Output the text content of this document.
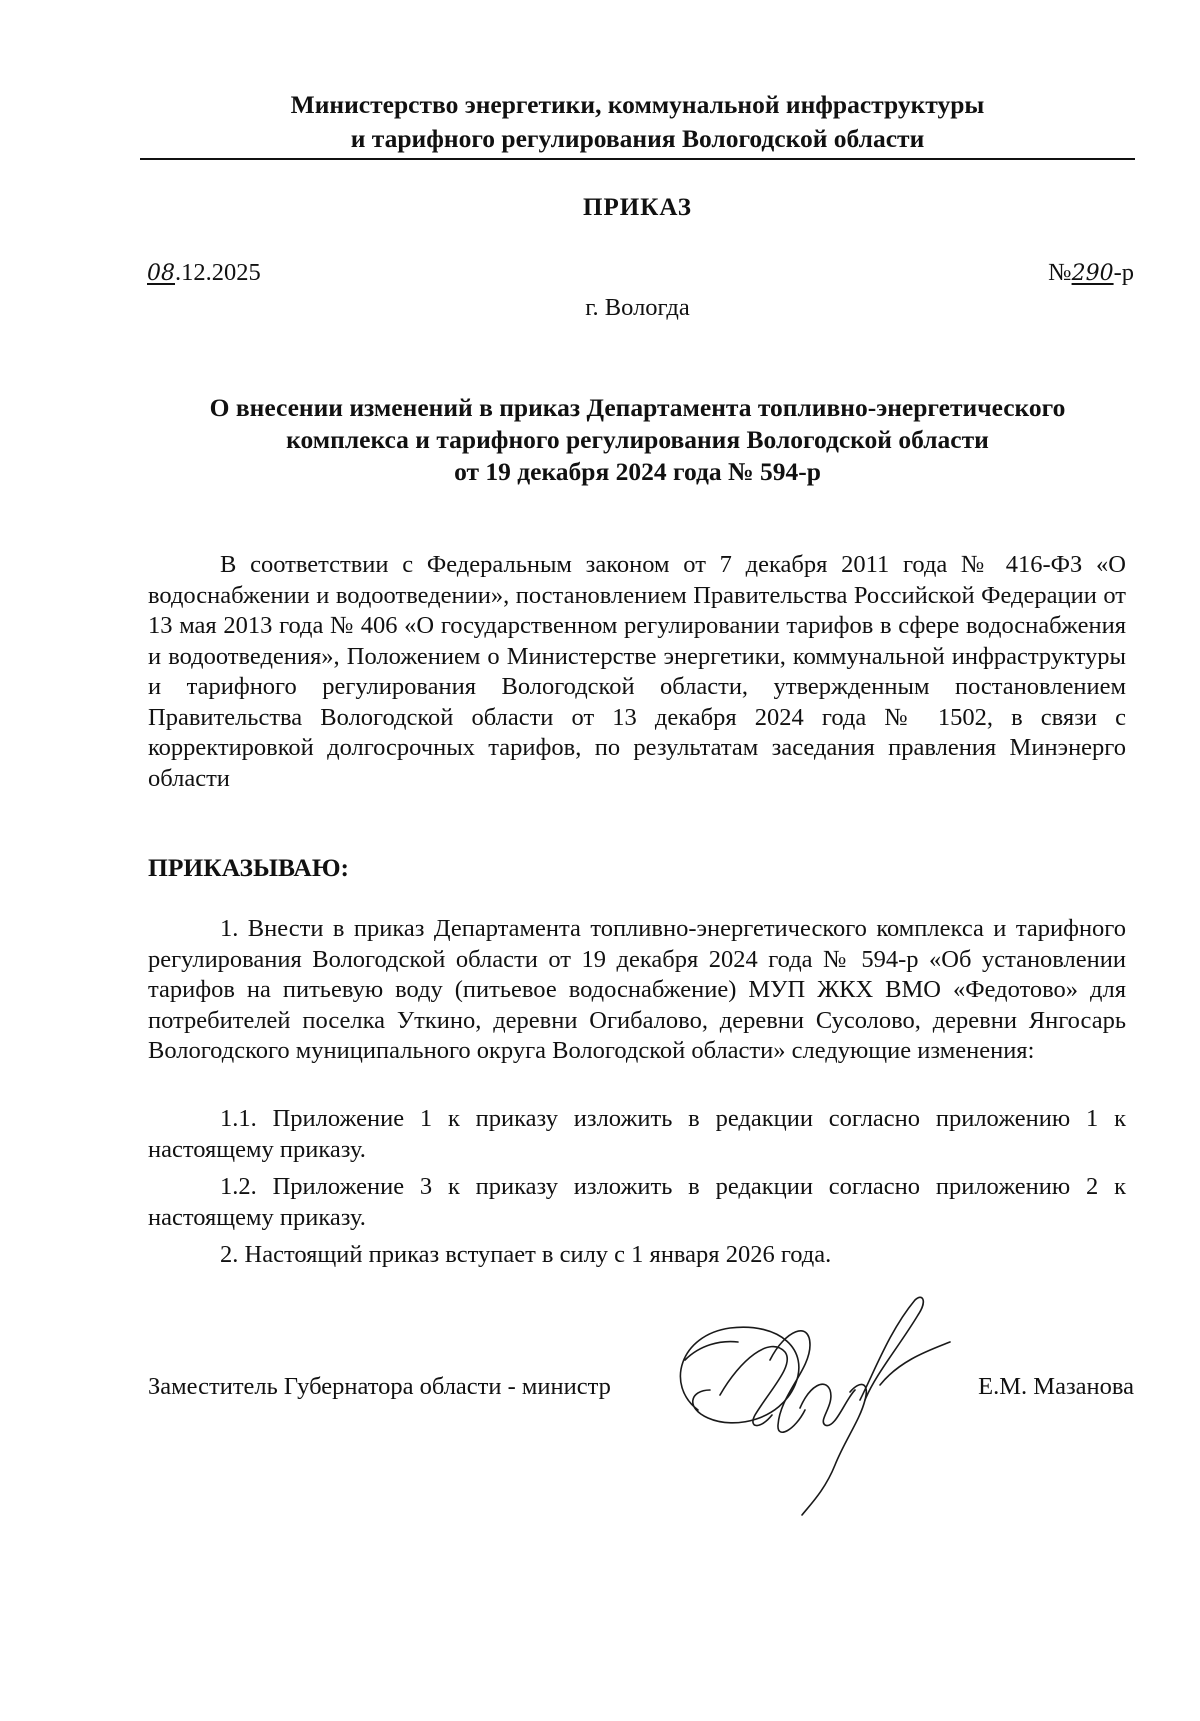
Министерство энергетики, коммунальной инфраструктуры
и тарифного регулирования Вологодской области
ПРИКАЗ
08.12.2025	№290-р
г. Вологда
О внесении изменений в приказ Департамента топливно-энергетического
комплекса и тарифного регулирования Вологодской области
от 19 декабря 2024 года № 594-р
В соответствии с Федеральным законом от 7 декабря 2011 года № 416-ФЗ «О водоснабжении и водоотведении», постановлением Правительства Российской Федерации от 13 мая 2013 года № 406 «О государственном регулировании тарифов в сфере водоснабжения и водоотведения», Положением о Министерстве энергетики, коммунальной инфраструктуры и тарифного регулирования Вологодской области, утвержденным постановлением Правительства Вологодской области от 13 декабря 2024 года № 1502, в связи с корректировкой долгосрочных тарифов, по результатам заседания правления Минэнерго области
ПРИКАЗЫВАЮ:
1. Внести в приказ Департамента топливно-энергетического комплекса и тарифного регулирования Вологодской области от 19 декабря 2024 года № 594-р «Об установлении тарифов на питьевую воду (питьевое водоснабжение) МУП ЖКХ ВМО «Федотово» для потребителей поселка Уткино, деревни Огибалово, деревни Сусолово, деревни Янгосарь Вологодского муниципального округа Вологодской области» следующие изменения:
1.1. Приложение 1 к приказу изложить в редакции согласно приложению 1 к настоящему приказу.
1.2. Приложение 3 к приказу изложить в редакции согласно приложению 2 к настоящему приказу.
2. Настоящий приказ вступает в силу с 1 января 2026 года.
Заместитель Губернатора области - министр	Е.М. Мазанова
